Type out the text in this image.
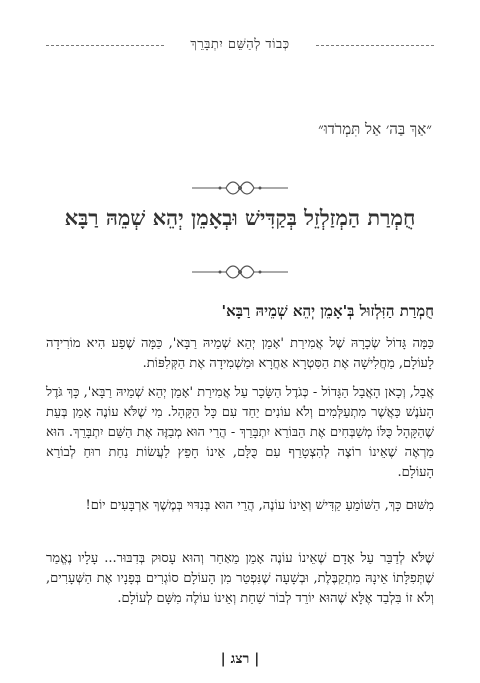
כְּבוֹד לְהַשֵּׁם יִתְבָּרֵךְ
״אַךְ בַּה׳ אַל תִּמְרֹדוּ״
חֻמְרַת הַמְזַלְזֵל בְּקַדִּישׁ וּבְאָמֵן יְהֵא שְׁמֵהּ רַבָּא
חֻמְרַת הַזִּלְזוּל בְּ'אָמֵן יְהֵא שְׁמֵיהּ רַבָּא'

כַּמָּה גָּדוֹל שְׂכָרָהּ שֶׁל אֲמִירַת 'אָמֵן יְהֵא שְׁמֵיהּ רַבָּא', כַּמָּה שֶׁפַע הִיא מוֹרִידָה לָעוֹלָם, מַחֲלִישָׁה אֶת הַסִּטְרָא אַחֲרָא וּמַשְׁמִידָה אֶת הַקְּלִפּוֹת.

אֲבָל, וְכָאן הָאֲבָל הַגָּדוֹל - כְּגֹדֶל הַשָּׂכָר עַל אֲמִירַת 'אָמֵן יְהֵא שְׁמֵיהּ רַבָּא', כָּךְ גֹּדֶל הָעֹנֶשׁ כַּאֲשֶׁר מִתְעַלְּמִים וְלֹא עוֹנִים יַחַד עִם כָּל הַקָּהָל. מִי שֶׁלֹּא עוֹנֶה אָמֵן בְּעֵת שֶׁהַקָּהָל כֻּלּוֹ מְשַׁבְּחִים אֶת הַבּוֹרֵא יִתְבָּרֵךְ - הֲרֵי הוּא מְבַזֶּה אֶת הַשֵּׁם יִתְבָּרֵךְ. הוּא מַרְאֶה שֶׁאֵינוֹ רוֹצֶה לְהִצְטָרֵף עִם כֻּלָּם, אֵינוֹ חָפֵץ לַעֲשׂוֹת נַחַת רוּחַ לְבוֹרֵא הָעוֹלָם.

מִשּׁוּם כָּךְ, הַשּׁוֹמֵעַ קַדִּישׁ וְאֵינוֹ עוֹנֶה, הֲרֵי הוּא בְּנִדּוּי בְּמֶשֶׁךְ אַרְבָּעִים יוֹם!

שֶׁלֹּא לְדַבֵּר עַל אָדָם שֶׁאֵינוֹ עוֹנֶה אָמֵן מֵאַחַר וְהוּא עָסוּק בְּדִבּוּר... עָלָיו נֶאֱמַר שֶׁתְּפִלָּתוֹ אֵינָהּ מִתְקַבֶּלֶת, וּבְשָׁעָה שֶׁנִּפְטַר מִן הָעוֹלָם סוֹגְרִים בְּפָנָיו אֶת הַשְּׁעָרִים, וְלֹא זוֹ בִּלְבַד אֶלָּא שֶׁהוּא יוֹרֵד לְבוֹר שַׁחַת וְאֵינוֹ עוֹלֶה מִשָּׁם לְעוֹלָם.

| רצג |
